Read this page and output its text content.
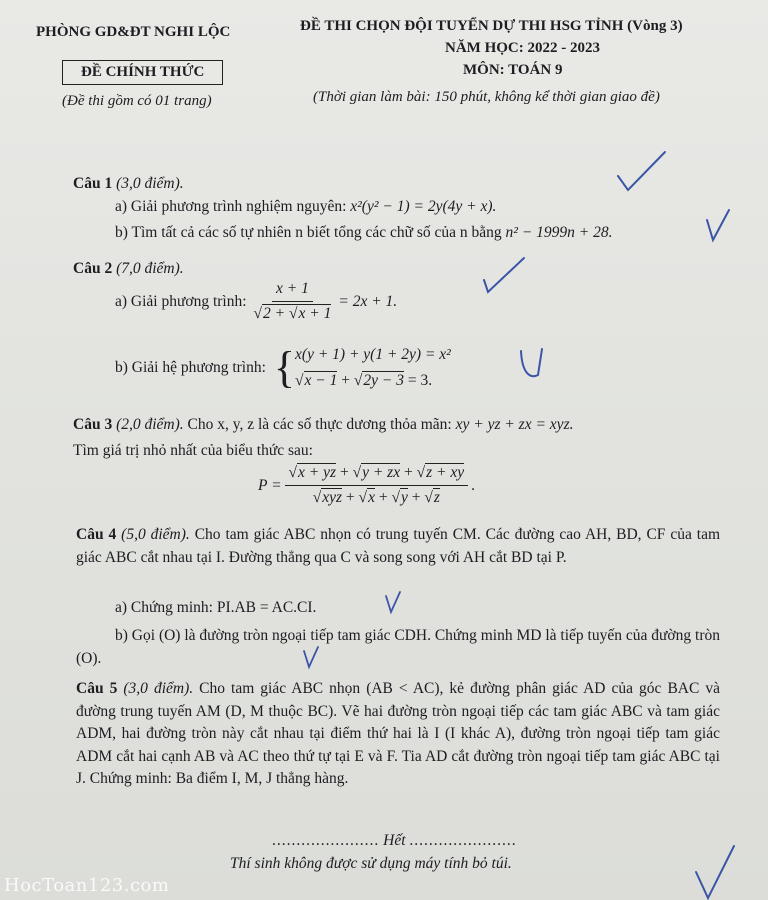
PHÒNG GD&ĐT NGHI LỘC
ĐỀ CHÍNH THỨC
(Đề thi gồm có 01 trang)
ĐỀ THI CHỌN ĐỘI TUYỂN DỰ THI HSG TỈNH (Vòng 3)
NĂM HỌC: 2022 - 2023
MÔN: TOÁN 9
(Thời gian làm bài: 150 phút, không kể thời gian giao đề)
Câu 1 (3,0 điểm).
a) Giải phương trình nghiệm nguyên: x²(y² − 1) = 2y(4y + x).
b) Tìm tất cả các số tự nhiên n biết tổng các chữ số của n bằng n² − 1999n + 28.
Câu 2 (7,0 điểm).
a) Giải phương trình: $\frac{x + 1}{√2 + √x + 1} = 2x + 1$.
b) Giải hệ phương trình: { x(y + 1) + y(1 + 2y) = x²
√x − 1 + √2y − 3 = 3.
Câu 3 (2,0 điểm). Cho x, y, z là các số thực dương thỏa mãn: xy + yz + zx = xyz.
Tìm giá trị nhỏ nhất của biểu thức sau:
$P = \frac{√x + yz + √y + zx + √z + xy}{\text{√xyz + √x + √y + √z}}$ .
Câu 4 (5,0 điểm). Cho tam giác ABC nhọn có trung tuyến CM. Các đường cao AH, BD, CF của tam giác ABC cắt nhau tại I. Đường thẳng qua C và song song với AH cắt BD tại P.
a) Chứng minh: PI.AB = AC.CI.
b) Gọi (O) là đường tròn ngoại tiếp tam giác CDH. Chứng minh MD là tiếp tuyến của đường tròn (O).
Câu 5 (3,0 điểm). Cho tam giác ABC nhọn (AB < AC), kẻ đường phân giác AD của góc BAC và đường trung tuyến AM (D, M thuộc BC). Vẽ hai đường tròn ngoại tiếp các tam giác ABC và tam giác ADM, hai đường tròn này cắt nhau tại điểm thứ hai là I (I khác A), đường tròn ngoại tiếp tam giác ADM cắt hai cạnh AB và AC theo thứ tự tại E và F. Tia AD cắt đường tròn ngoại tiếp tam giác ABC tại J. Chứng minh: Ba điểm I, M, J thẳng hàng.
...................... Hết ......................
Thí sinh không được sử dụng máy tính bỏ túi.
HocToan123.com
